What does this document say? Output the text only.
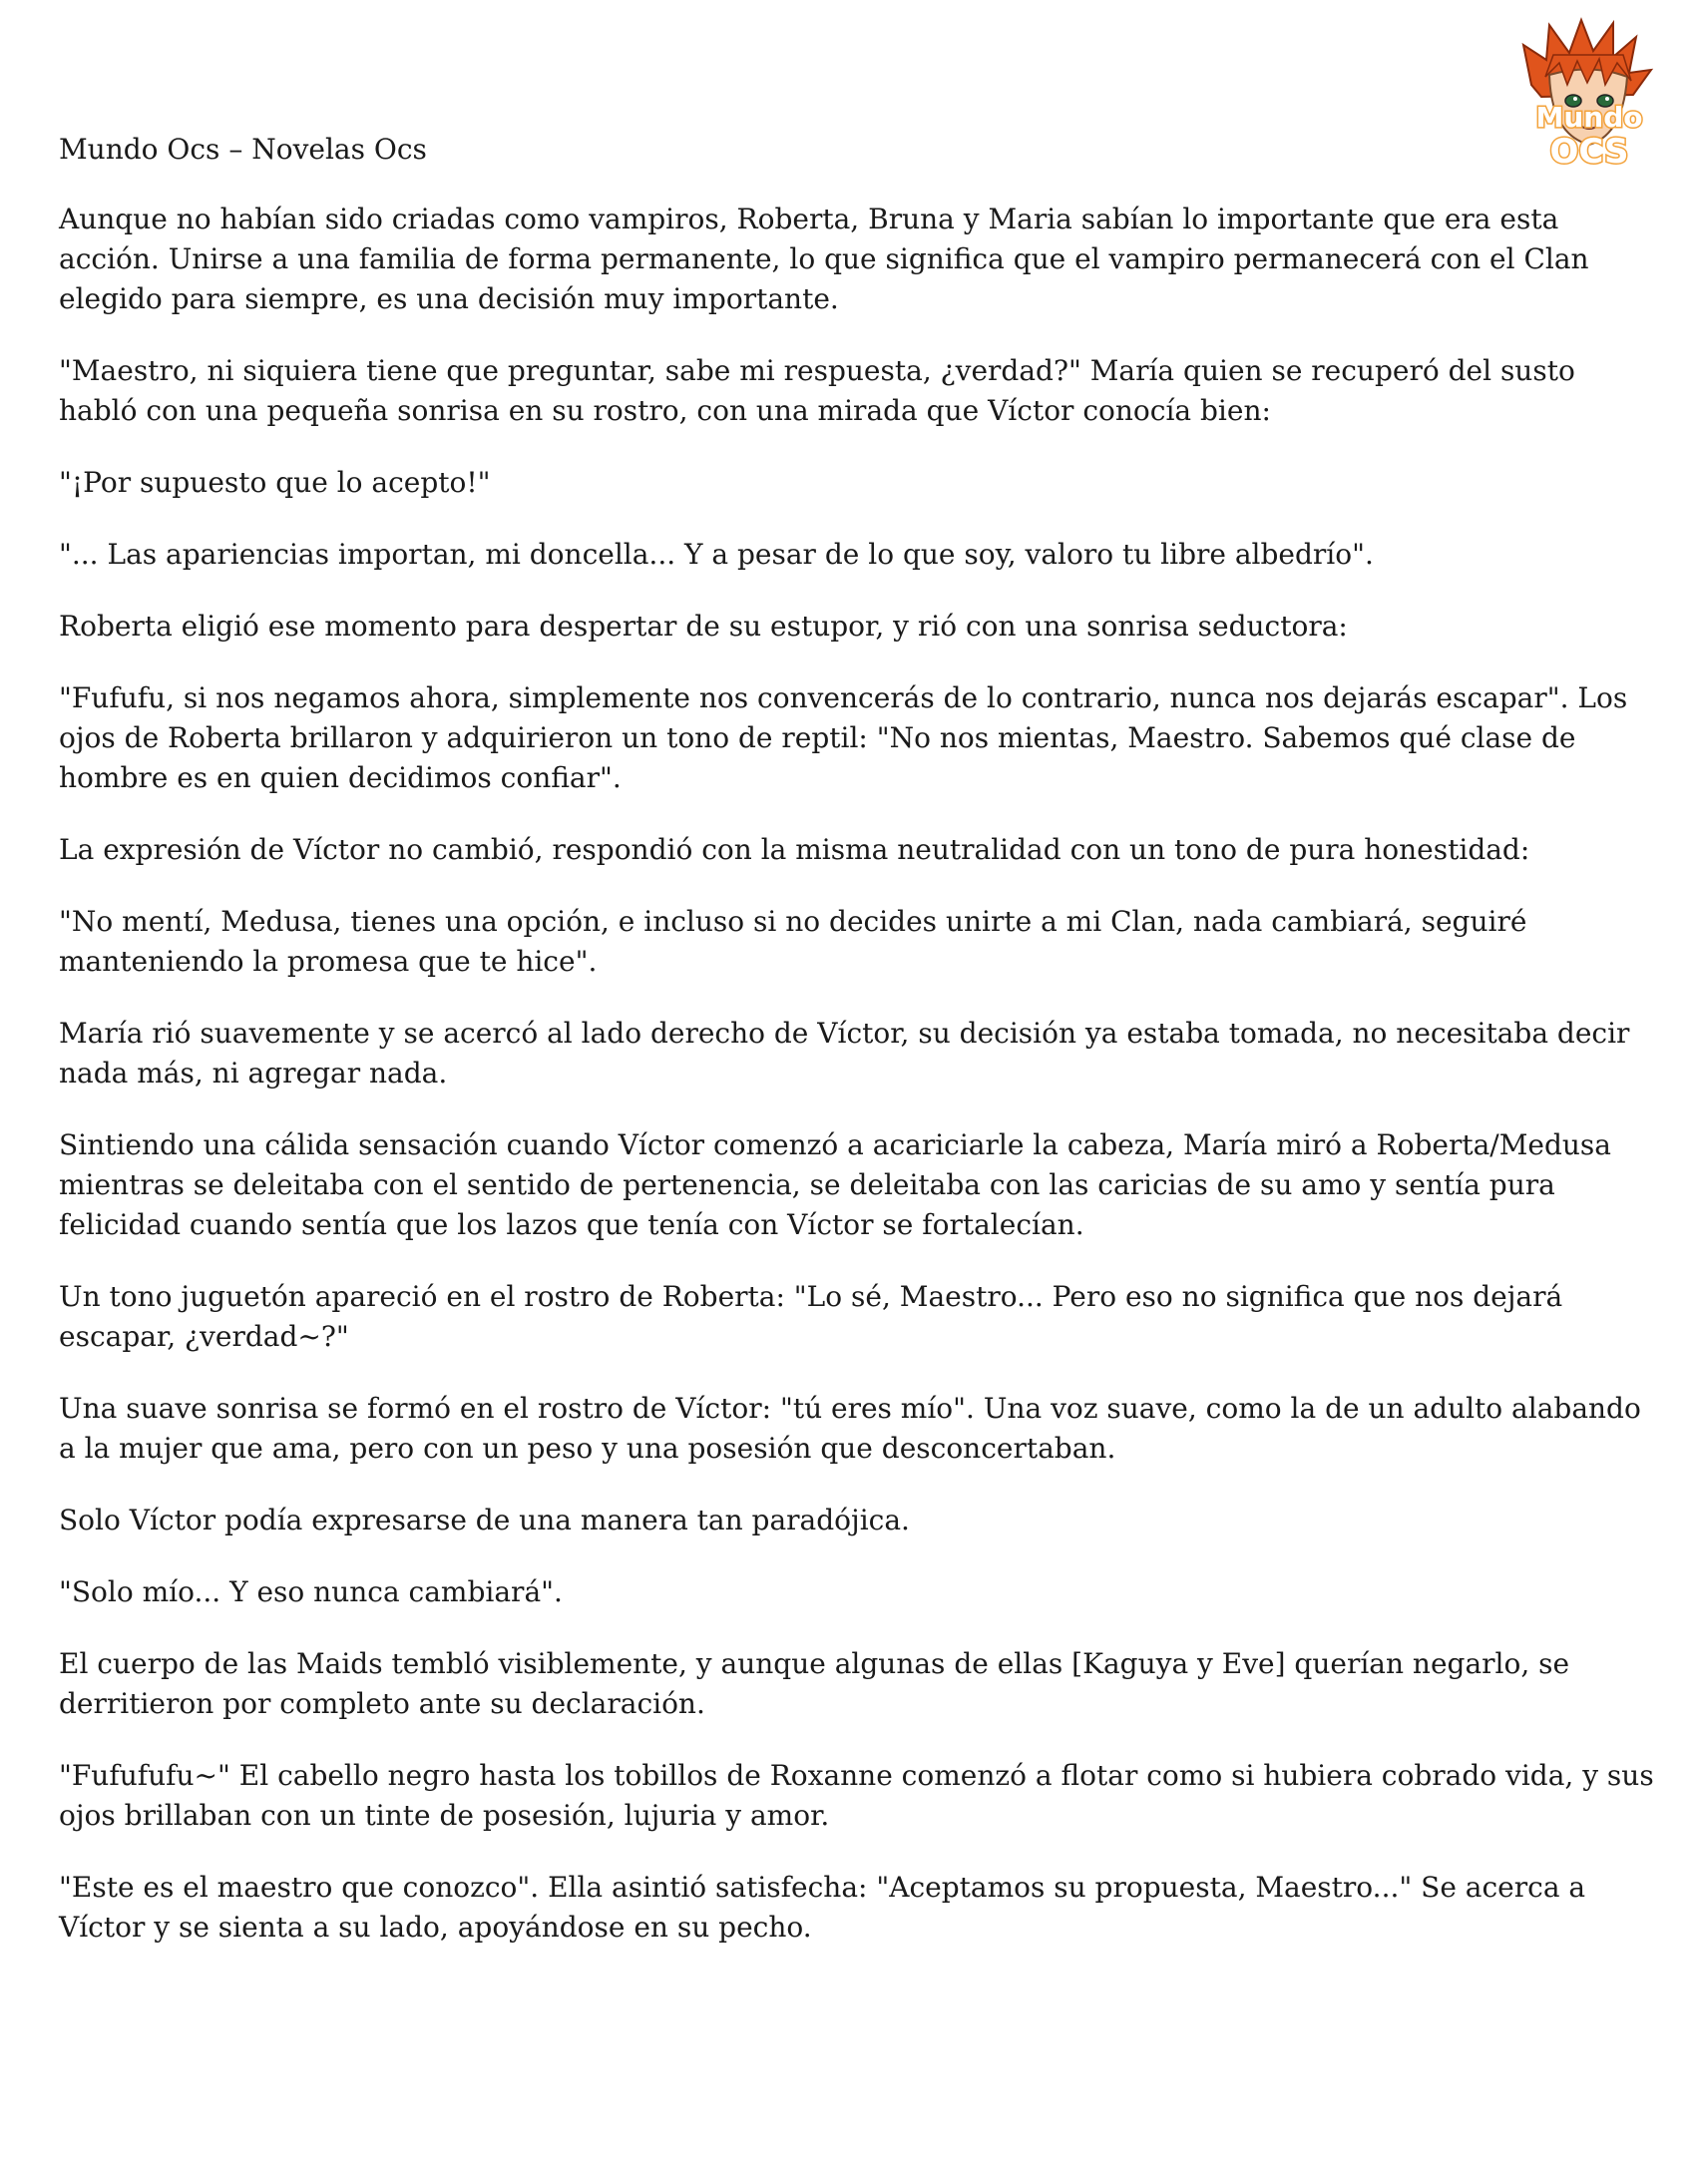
Mundo
OCS
Mundo Ocs – Novelas Ocs

Aunque no habían sido criadas como vampiros, Roberta, Bruna y Maria sabían lo importante que era esta acción. Unirse a una familia de forma permanente, lo que significa que el vampiro permanecerá con el Clan elegido para siempre, es una decisión muy importante.

"Maestro, ni siquiera tiene que preguntar, sabe mi respuesta, ¿verdad?" María quien se recuperó del susto habló con una pequeña sonrisa en su rostro, con una mirada que Víctor conocía bien:

"¡Por supuesto que lo acepto!"

"... Las apariencias importan, mi doncella... Y a pesar de lo que soy, valoro tu libre albedrío".

Roberta eligió ese momento para despertar de su estupor, y rió con una sonrisa seductora:

"Fufufu, si nos negamos ahora, simplemente nos convencerás de lo contrario, nunca nos dejarás escapar". Los ojos de Roberta brillaron y adquirieron un tono de reptil: "No nos mientas, Maestro. Sabemos qué clase de hombre es en quien decidimos confiar".

La expresión de Víctor no cambió, respondió con la misma neutralidad con un tono de pura honestidad:

"No mentí, Medusa, tienes una opción, e incluso si no decides unirte a mi Clan, nada cambiará, seguiré manteniendo la promesa que te hice".

María rió suavemente y se acercó al lado derecho de Víctor, su decisión ya estaba tomada, no necesitaba decir nada más, ni agregar nada.

Sintiendo una cálida sensación cuando Víctor comenzó a acariciarle la cabeza, María miró a Roberta/Medusa mientras se deleitaba con el sentido de pertenencia, se deleitaba con las caricias de su amo y sentía pura felicidad cuando sentía que los lazos que tenía con Víctor se fortalecían.

Un tono juguetón apareció en el rostro de Roberta: "Lo sé, Maestro... Pero eso no significa que nos dejará escapar, ¿verdad~?"

Una suave sonrisa se formó en el rostro de Víctor: "tú eres mío". Una voz suave, como la de un adulto alabando a la mujer que ama, pero con un peso y una posesión que desconcertaban.

Solo Víctor podía expresarse de una manera tan paradójica.

"Solo mío... Y eso nunca cambiará".

El cuerpo de las Maids tembló visiblemente, y aunque algunas de ellas [Kaguya y Eve] querían negarlo, se derritieron por completo ante su declaración.

"Fufufufu~" El cabello negro hasta los tobillos de Roxanne comenzó a flotar como si hubiera cobrado vida, y sus ojos brillaban con un tinte de posesión, lujuria y amor.

"Este es el maestro que conozco". Ella asintió satisfecha: "Aceptamos su propuesta, Maestro..." Se acerca a Víctor y se sienta a su lado, apoyándose en su pecho.
